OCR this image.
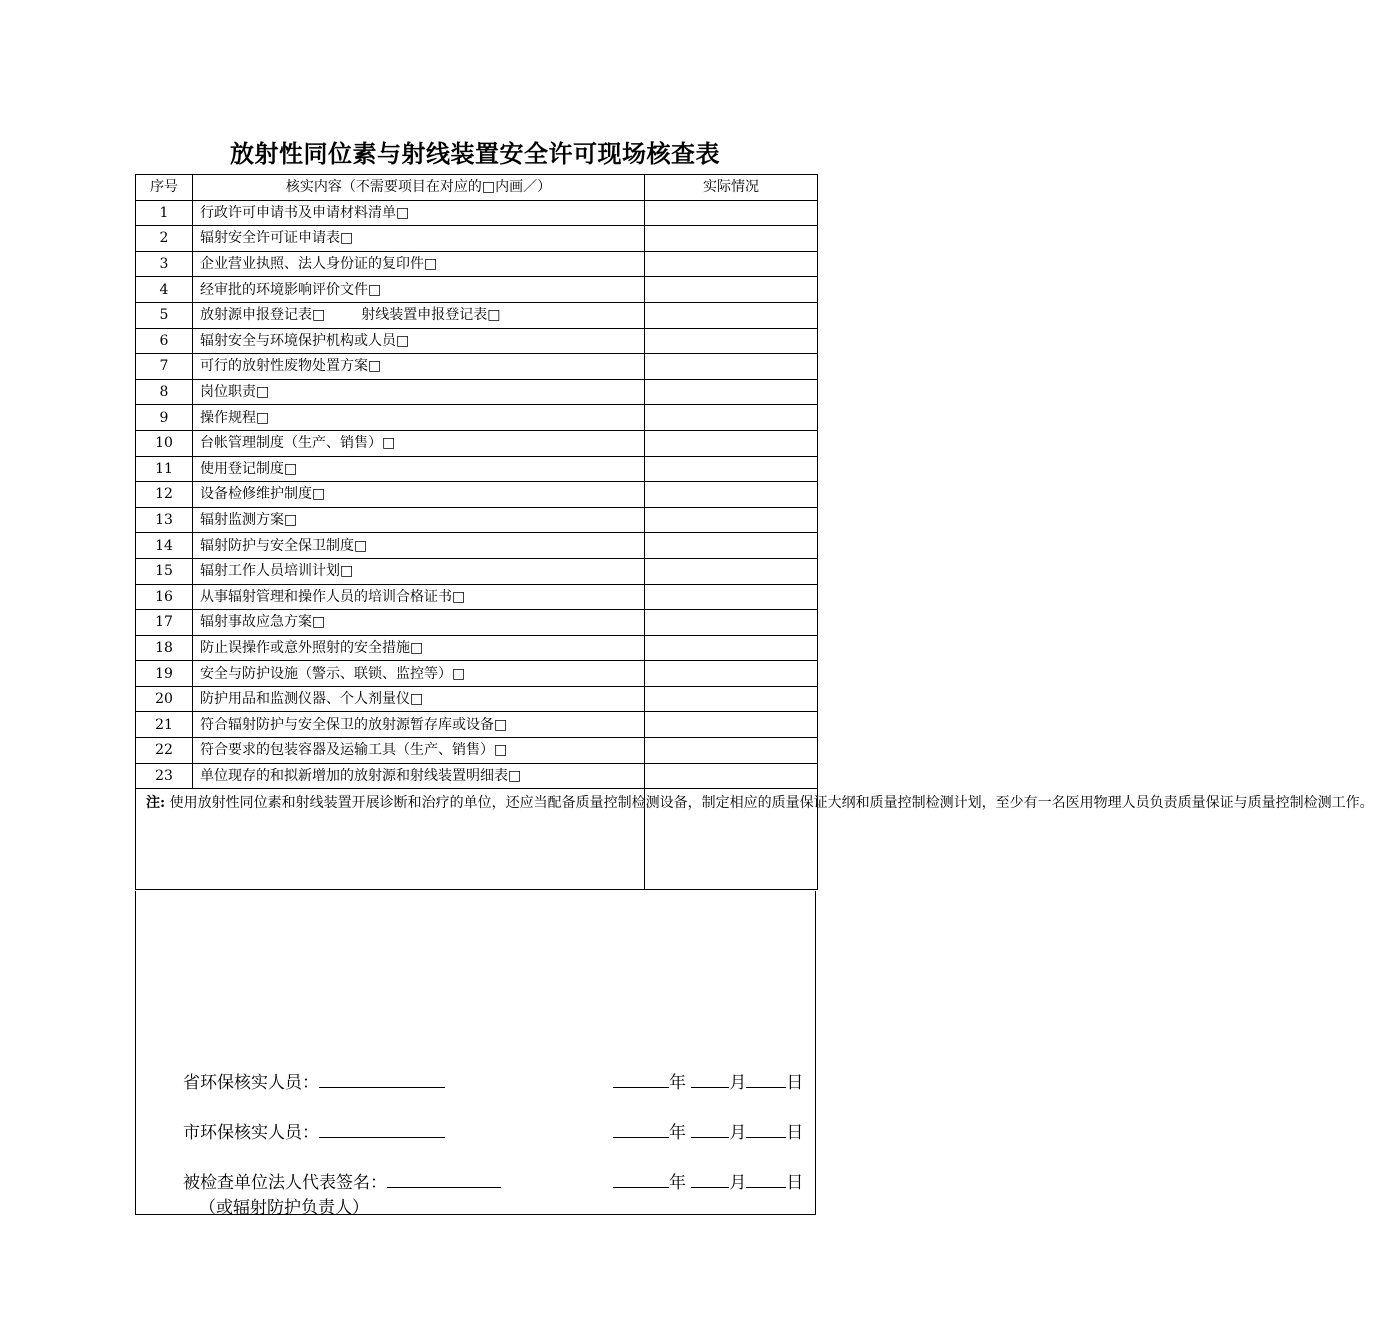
放射性同位素与射线装置安全许可现场核查表
序号	核实内容（不需要项目在对应的□内画／）	实际情况
1	行政许可申请书及申请材料清单□	
2	辐射安全许可证申请表□	
3	企业营业执照、法人身份证的复印件□	
4	经审批的环境影响评价文件□	
5	放射源申报登记表□ 射线装置申报登记表□	
6	辐射安全与环境保护机构或人员□	
7	可行的放射性废物处置方案□	
8	岗位职责□	
9	操作规程□	
10	台帐管理制度（生产、销售）□	
11	使用登记制度□	
12	设备检修维护制度□	
13	辐射监测方案□	
14	辐射防护与安全保卫制度□	
15	辐射工作人员培训计划□	
16	从事辐射管理和操作人员的培训合格证书□	
17	辐射事故应急方案□	
18	防止误操作或意外照射的安全措施□	
19	安全与防护设施（警示、联锁、监控等）□	
20	防护用品和监测仪器、个人剂量仪□	
21	符合辐射防护与安全保卫的放射源暂存库或设备□	
22	符合要求的包装容器及运输工具（生产、销售）□	
23	单位现存的和拟新增加的放射源和射线装置明细表□	
注: 使用放射性同位素和射线装置开展诊断和治疗的单位，还应当配备质量控制检测设备，制定相应的质量保证大纲和质量控制检测计划，至少有一名医用物理人员负责质量保证与质量控制检测工作。		
省环保核实人员：	年	月 日
市环保核实人员：	年	月 日
被检查单位法人代表签名：	年	月 日
（或辐射防护负责人）
